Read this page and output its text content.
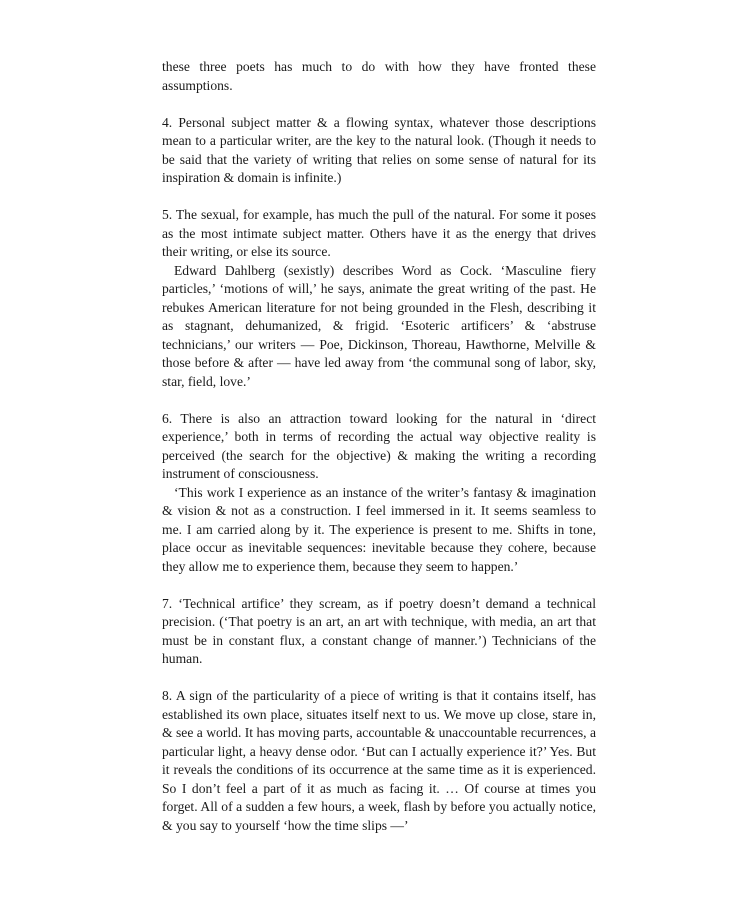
these three poets has much to do with how they have fronted these assumptions.

4. Personal subject matter & a flowing syntax, whatever those descriptions mean to a particular writer, are the key to the natural look. (Though it needs to be said that the variety of writing that relies on some sense of natural for its inspiration & domain is infinite.)

5. The sexual, for example, has much the pull of the natural. For some it poses as the most intimate subject matter. Others have it as the energy that drives their writing, or else its source.

Edward Dahlberg (sexistly) describes Word as Cock. ‘Masculine fiery particles,’ ‘motions of will,’ he says, animate the great writing of the past. He rebukes American literature for not being grounded in the Flesh, describing it as stagnant, dehumanized, & frigid. ‘Esoteric artificers’ & ‘abstruse technicians,’ our writers — Poe, Dickinson, Thoreau, Hawthorne, Melville & those before & after — have led away from ‘the communal song of labor, sky, star, field, love.’

6. There is also an attraction toward looking for the natural in ‘direct experience,’ both in terms of recording the actual way objective reality is perceived (the search for the objective) & making the writing a recording instrument of consciousness.

‘This work I experience as an instance of the writer’s fantasy & imagination & vision & not as a construction. I feel immersed in it. It seems seamless to me. I am carried along by it. The experience is present to me. Shifts in tone, place occur as inevitable sequences: inevitable because they cohere, because they allow me to experience them, because they seem to happen.’

7. ‘Technical artifice’ they scream, as if poetry doesn’t demand a technical precision. (‘That poetry is an art, an art with technique, with media, an art that must be in constant flux, a constant change of manner.’) Technicians of the human.

8. A sign of the particularity of a piece of writing is that it contains itself, has established its own place, situates itself next to us. We move up close, stare in, & see a world. It has moving parts, accountable & unaccountable recurrences, a particular light, a heavy dense odor. ‘But can I actually experience it?’ Yes. But it reveals the conditions of its occurrence at the same time as it is experienced. So I don’t feel a part of it as much as facing it. … Of course at times you forget. All of a sudden a few hours, a week, flash by before you actually notice, & you say to yourself ‘how the time slips —’
